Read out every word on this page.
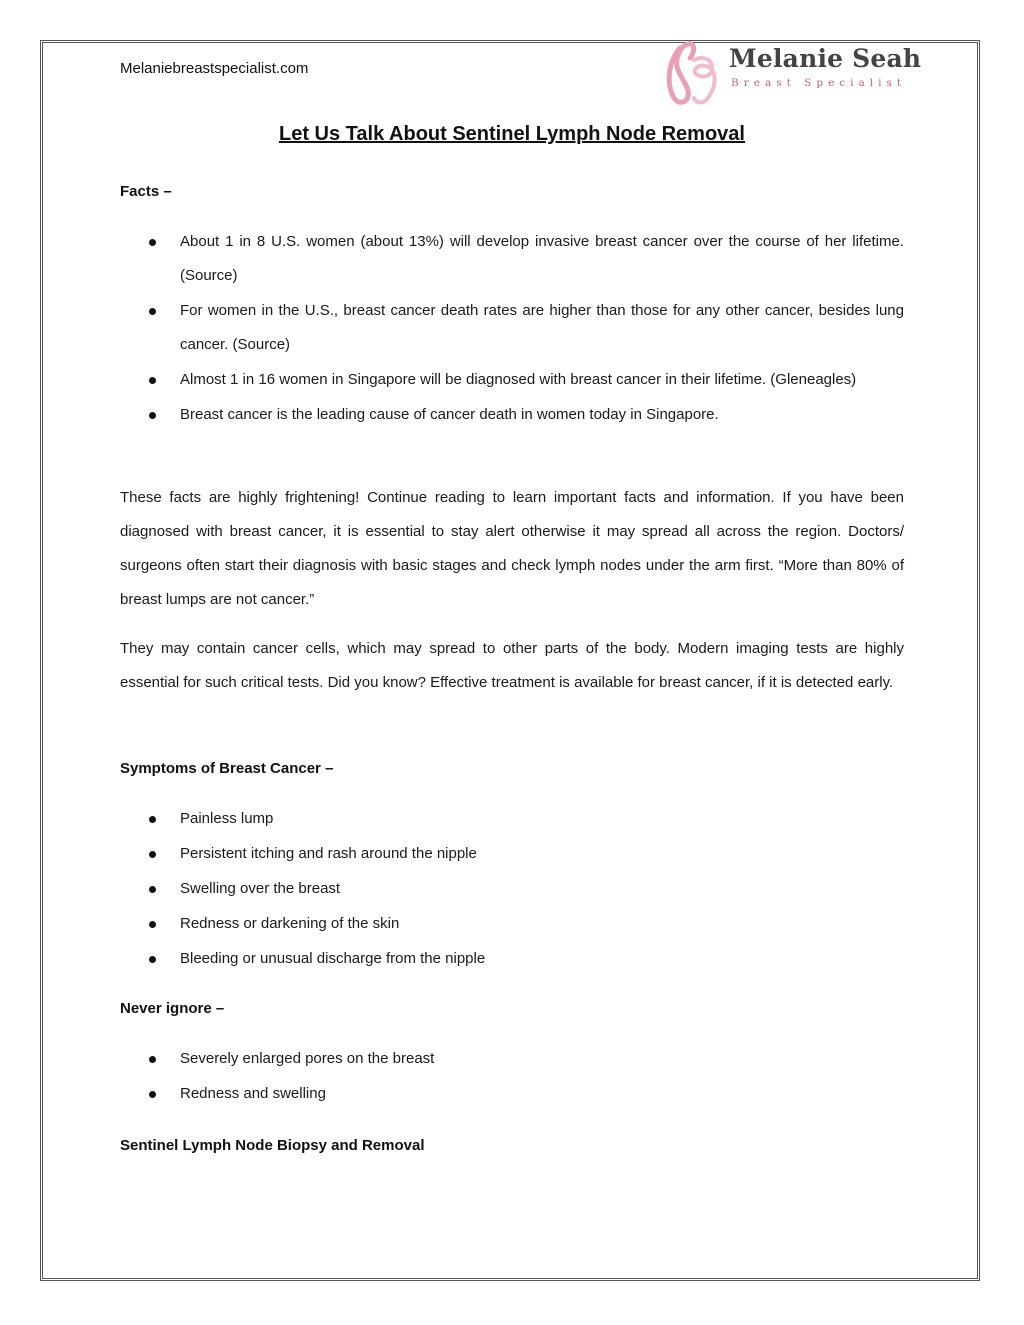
Melaniebreastspecialist.com	Melanie Seah
Breast Specialist
Let Us Talk About Sentinel Lymph Node Removal
Facts –
About 1 in 8 U.S. women (about 13%) will develop invasive breast cancer over the course of her lifetime. (Source)
For women in the U.S., breast cancer death rates are higher than those for any other cancer, besides lung cancer. (Source)
Almost 1 in 16 women in Singapore will be diagnosed with breast cancer in their lifetime. (Gleneagles)
Breast cancer is the leading cause of cancer death in women today in Singapore.

These facts are highly frightening! Continue reading to learn important facts and information. If you have been diagnosed with breast cancer, it is essential to stay alert otherwise it may spread all across the region. Doctors/ surgeons often start their diagnosis with basic stages and check lymph nodes under the arm first. “More than 80% of breast lumps are not cancer.”

They may contain cancer cells, which may spread to other parts of the body. Modern imaging tests are highly essential for such critical tests. Did you know? Effective treatment is available for breast cancer, if it is detected early.

Symptoms of Breast Cancer –
Painless lump
Persistent itching and rash around the nipple
Swelling over the breast
Redness or darkening of the skin
Bleeding or unusual discharge from the nipple
Never ignore –
Severely enlarged pores on the breast
Redness and swelling
Sentinel Lymph Node Biopsy and Removal
